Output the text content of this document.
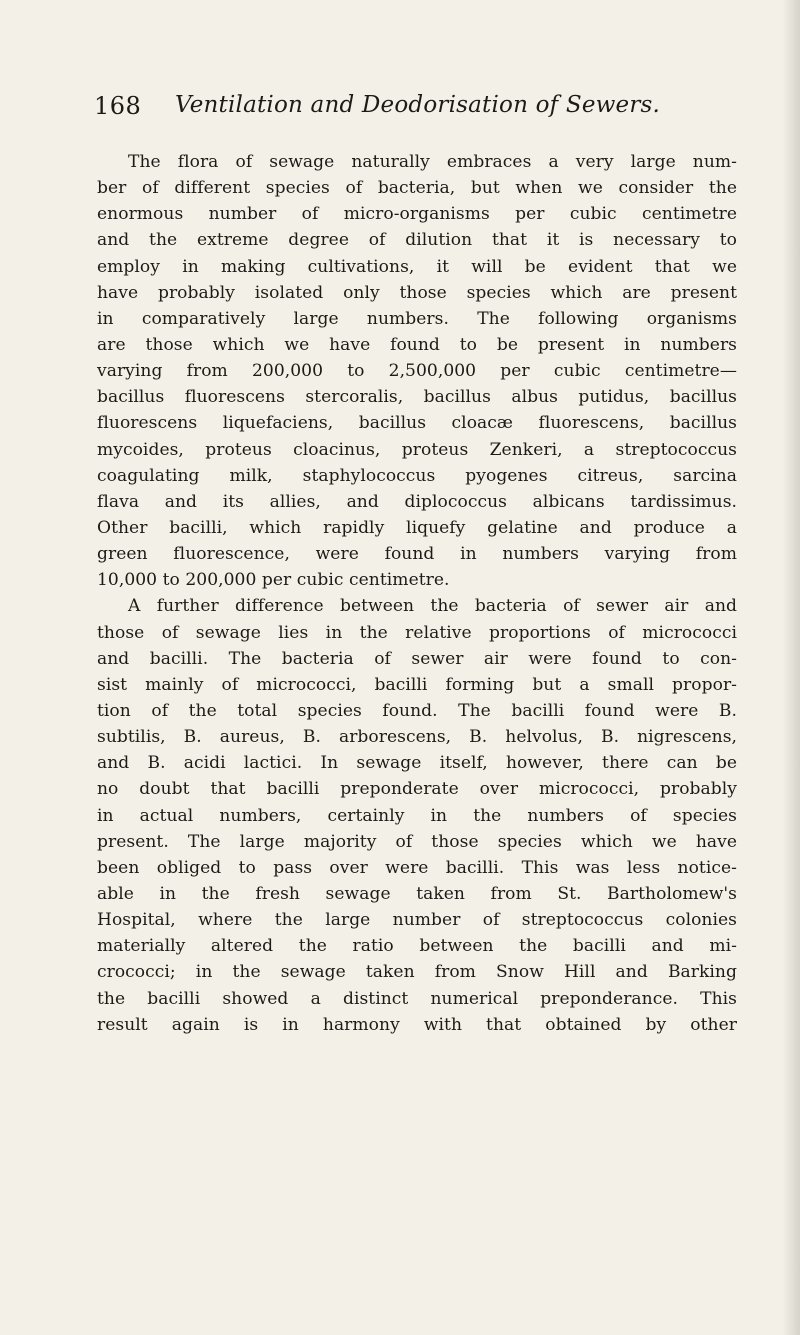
168 Ventilation and Deodorisation of Sewers.
The flora of sewage naturally embraces a very large num-
ber of different species of bacteria, but when we consider the
enormous number of micro-organisms per cubic centimetre
and the extreme degree of dilution that it is necessary to
employ in making cultivations, it will be evident that we
have probably isolated only those species which are present
in comparatively large numbers. The following organisms
are those which we have found to be present in numbers
varying from 200,000 to 2,500,000 per cubic centimetre—
bacillus fluorescens stercoralis, bacillus albus putidus, bacillus
fluorescens liquefaciens, bacillus cloacæ fluorescens, bacillus
mycoides, proteus cloacinus, proteus Zenkeri, a streptococcus
coagulating milk, staphylococcus pyogenes citreus, sarcina
flava and its allies, and diplococcus albicans tardissimus.
Other bacilli, which rapidly liquefy gelatine and produce a
green fluorescence, were found in numbers varying from
10,000 to 200,000 per cubic centimetre.
A further difference between the bacteria of sewer air and
those of sewage lies in the relative proportions of micrococci
and bacilli. The bacteria of sewer air were found to con-
sist mainly of micrococci, bacilli forming but a small propor-
tion of the total species found. The bacilli found were B.
subtilis, B. aureus, B. arborescens, B. helvolus, B. nigrescens,
and B. acidi lactici. In sewage itself, however, there can be
no doubt that bacilli preponderate over micrococci, probably
in actual numbers, certainly in the numbers of species
present. The large majority of those species which we have
been obliged to pass over were bacilli. This was less notice-
able in the fresh sewage taken from St. Bartholomew's
Hospital, where the large number of streptococcus colonies
materially altered the ratio between the bacilli and mi-
crococci; in the sewage taken from Snow Hill and Barking
the bacilli showed a distinct numerical preponderance. This
result again is in harmony with that obtained by other
